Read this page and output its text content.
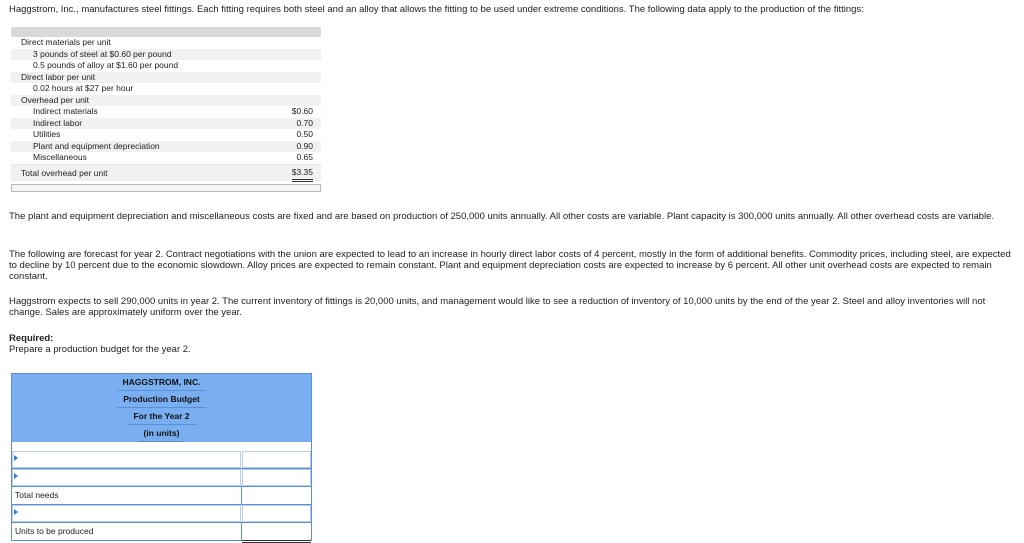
Haggstrom, Inc., manufactures steel fittings. Each fitting requires both steel and an alloy that allows the fitting to be used under extreme conditions. The following data apply to the production of the fittings:

Direct materials per unit
3 pounds of steel at $0.60 per pound
0.5 pounds of alloy at $1.60 per pound
Direct labor per unit
0.02 hours at $27 per hour
Overhead per unit
Indirect materials	$0.60
Indirect labor	0.70
Utilities	0.50
Plant and equipment depreciation	0.90
Miscellaneous	0.65
Total overhead per unit	$3.35

The plant and equipment depreciation and miscellaneous costs are fixed and are based on production of 250,000 units annually. All other costs are variable. Plant capacity is 300,000 units annually. All other overhead costs are variable.

The following are forecast for year 2. Contract negotiations with the union are expected to lead to an increase in hourly direct labor costs of 4 percent, mostly in the form of additional benefits. Commodity prices, including steel, are expected to decline by 10 percent due to the economic slowdown. Alloy prices are expected to remain constant. Plant and equipment depreciation costs are expected to increase by 6 percent. All other unit overhead costs are expected to remain constant.

Haggstrom expects to sell 290,000 units in year 2. The current inventory of fittings is 20,000 units, and management would like to see a reduction of inventory of 10,000 units by the end of the year 2. Steel and alloy inventories will not change. Sales are approximately uniform over the year.

Required:

Prepare a production budget for the year 2.

HAGGSTROM, INC.
Production Budget
For the Year 2
(in units)
Total needs
Units to be produced
